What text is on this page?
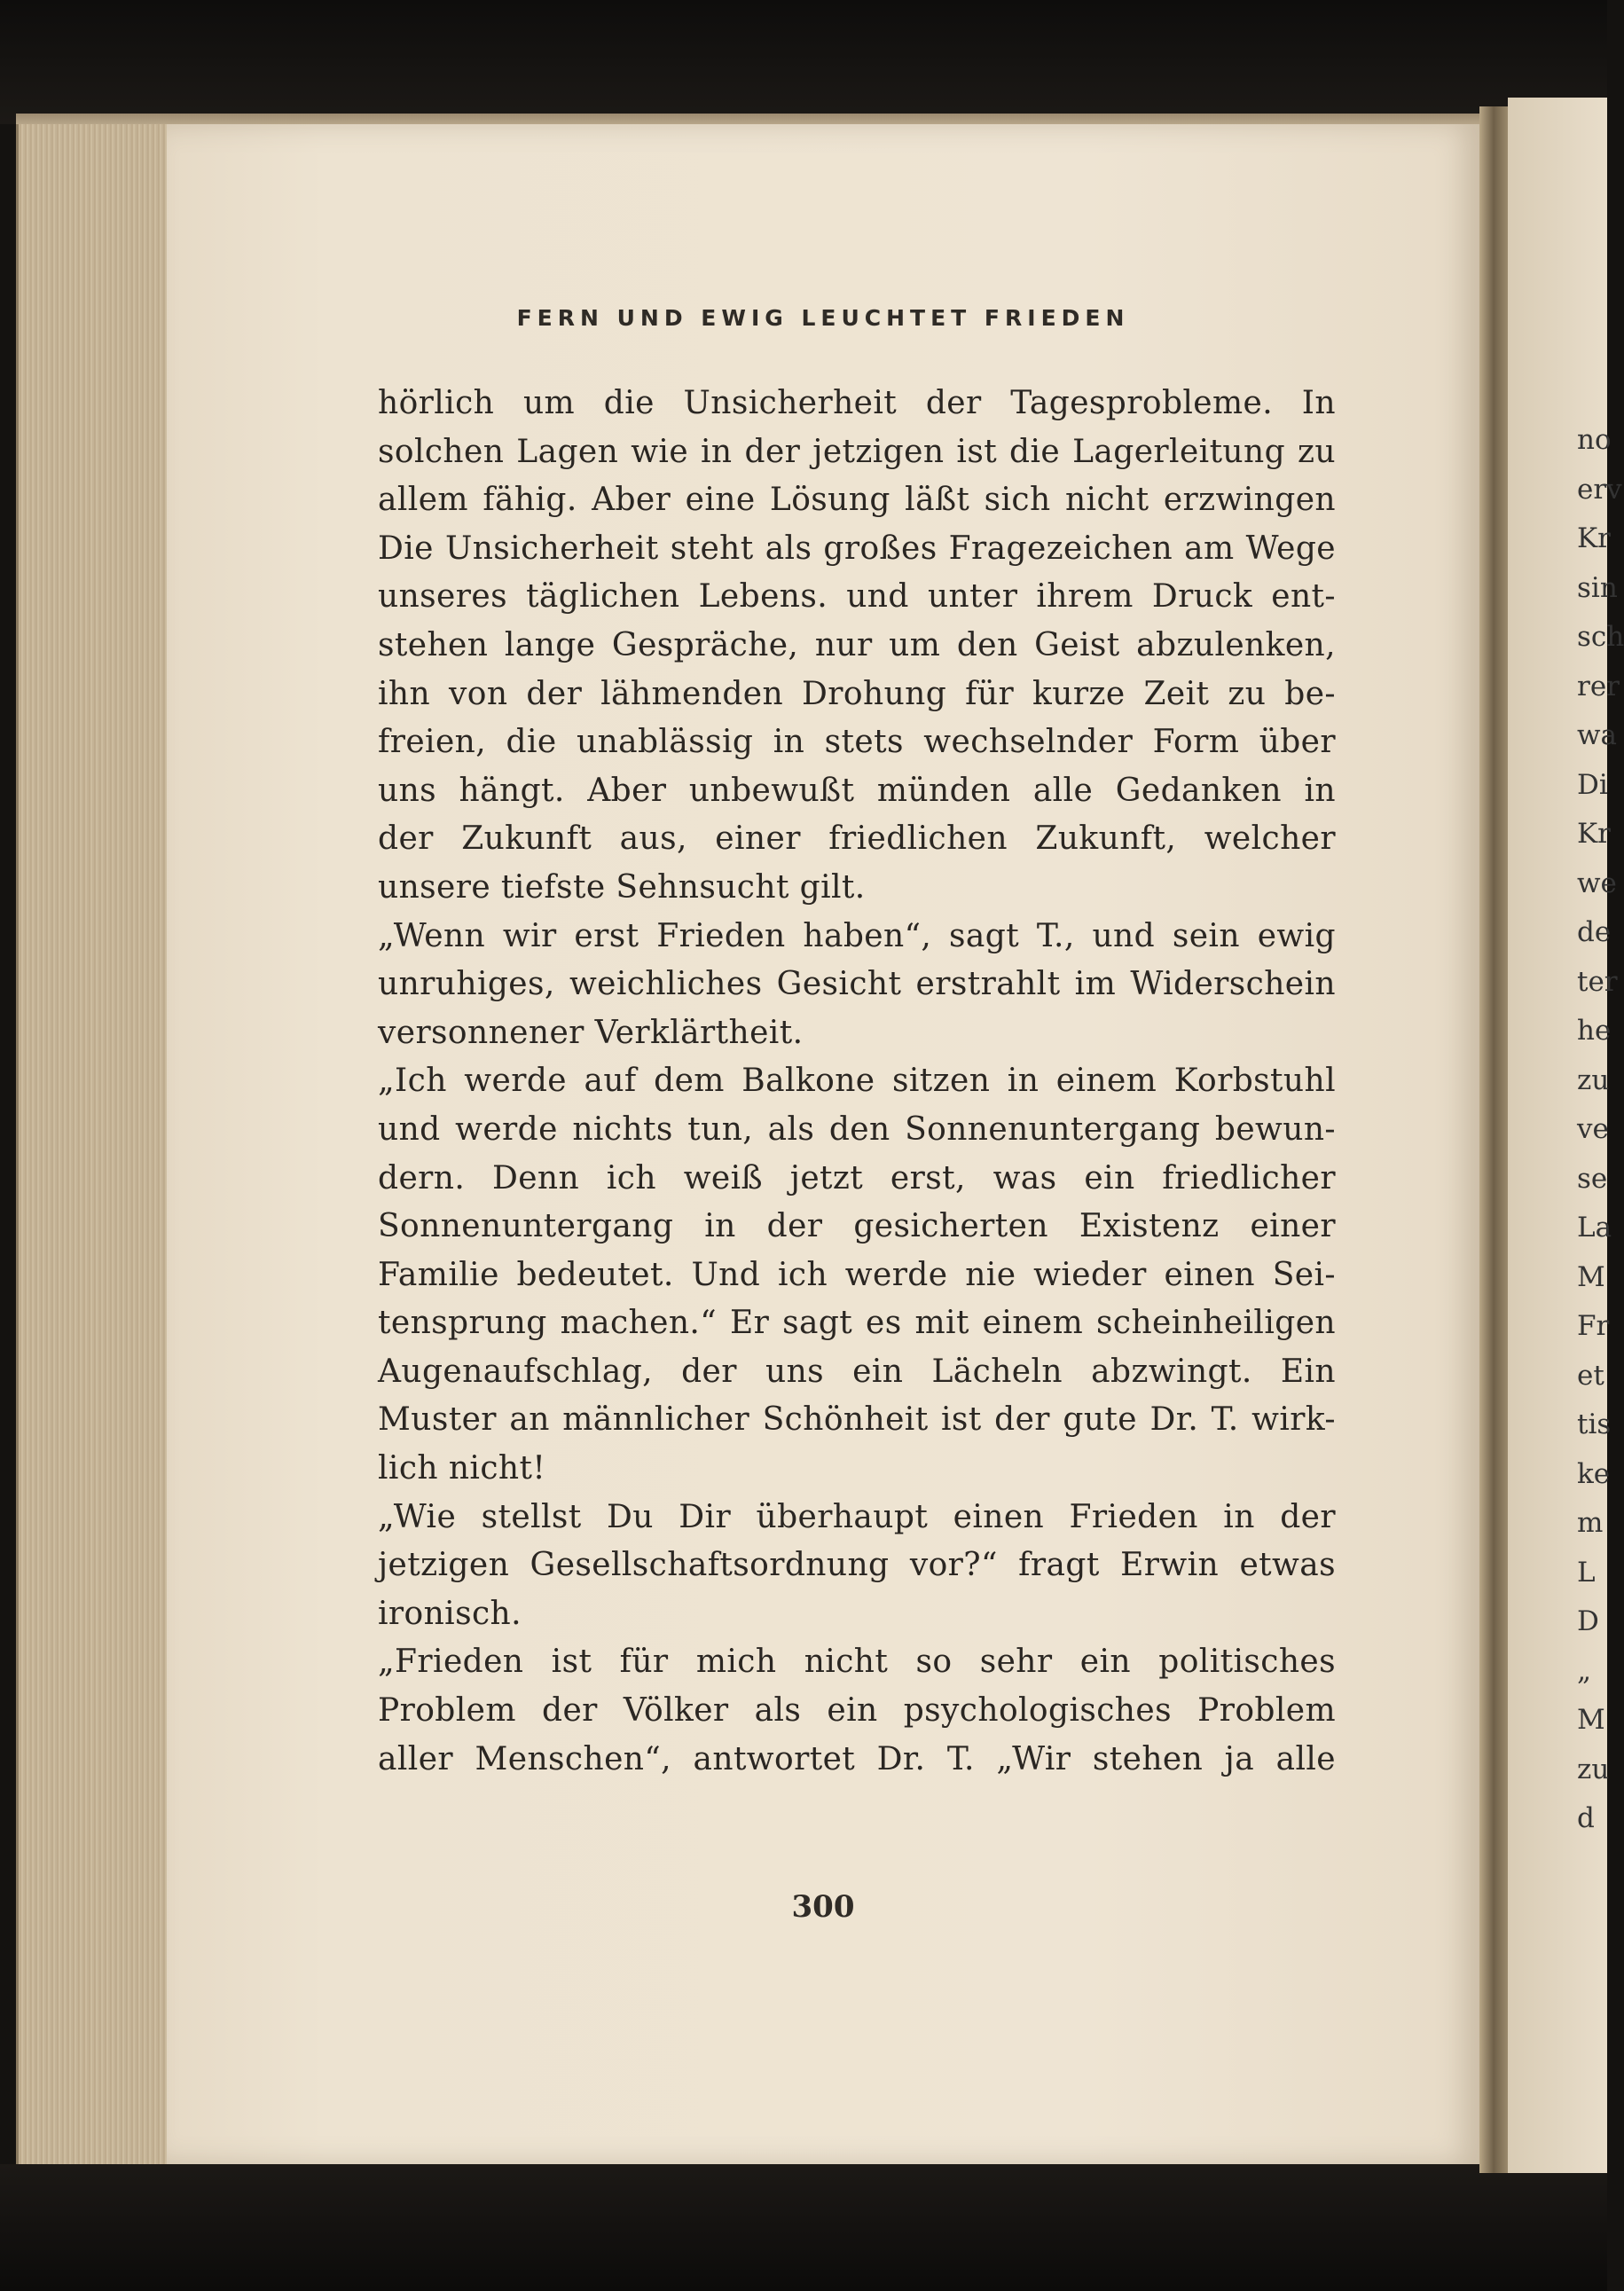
FERN UND EWIG LEUCHTET FRIEDEN
hörlich um die Unsicherheit der Tagesprobleme. In
solchen Lagen wie in der jetzigen ist die Lagerleitung zu
allem fähig. Aber eine Lösung läßt sich nicht erzwingen
Die Unsicherheit steht als großes Fragezeichen am Wege
unseres täglichen Lebens. und unter ihrem Druck ent-
stehen lange Gespräche, nur um den Geist abzulenken,
ihn von der lähmenden Drohung für kurze Zeit zu be-
freien, die unablässig in stets wechselnder Form über
uns hängt. Aber unbewußt münden alle Gedanken in
der Zukunft aus, einer friedlichen Zukunft, welcher
unsere tiefste Sehnsucht gilt.
„Wenn wir erst Frieden haben“, sagt T., und sein ewig
unruhiges, weichliches Gesicht erstrahlt im Widerschein
versonnener Verklärtheit.
„Ich werde auf dem Balkone sitzen in einem Korbstuhl
und werde nichts tun, als den Sonnenuntergang bewun-
dern. Denn ich weiß jetzt erst, was ein friedlicher
Sonnenuntergang in der gesicherten Existenz einer
Familie bedeutet. Und ich werde nie wieder einen Sei-
tensprung machen.“ Er sagt es mit einem scheinheiligen
Augenaufschlag, der uns ein Lächeln abzwingt. Ein
Muster an männlicher Schönheit ist der gute Dr. T. wirk-
lich nicht!
„Wie stellst Du Dir überhaupt einen Frieden in der
jetzigen Gesellschaftsordnung vor?“ fragt Erwin etwas
ironisch.
„Frieden ist für mich nicht so sehr ein politisches
Problem der Völker als ein psychologisches Problem
aller Menschen“, antwortet Dr. T. „Wir stehen ja alle
300
no
erv
Kr
sin
sch
rer
wa
Di
Kr
we
de
ter
he
zu
ve
se
La
M
Fr
et
tis
ke
m
L
D
„
M
zu
d
